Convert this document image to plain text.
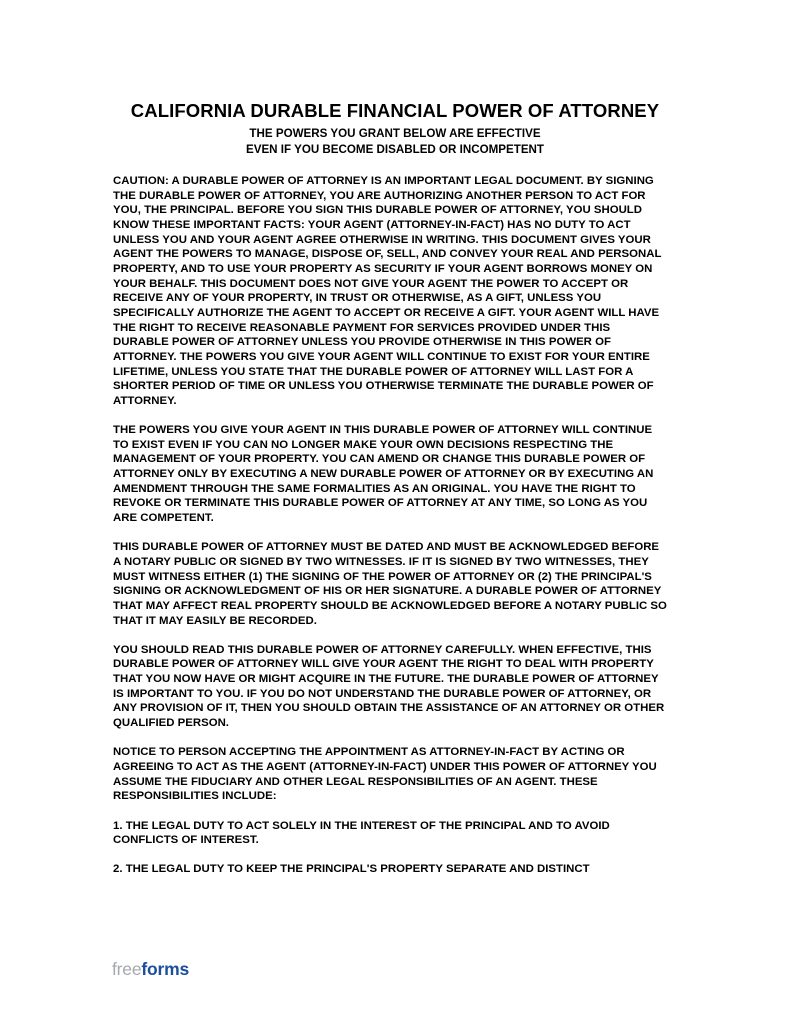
CALIFORNIA DURABLE FINANCIAL POWER OF ATTORNEY
THE POWERS YOU GRANT BELOW ARE EFFECTIVE
EVEN IF YOU BECOME DISABLED OR INCOMPETENT

CAUTION: A DURABLE POWER OF ATTORNEY IS AN IMPORTANT LEGAL DOCUMENT. BY SIGNING THE DURABLE POWER OF ATTORNEY, YOU ARE AUTHORIZING ANOTHER PERSON TO ACT FOR YOU, THE PRINCIPAL. BEFORE YOU SIGN THIS DURABLE POWER OF ATTORNEY, YOU SHOULD KNOW THESE IMPORTANT FACTS: YOUR AGENT (ATTORNEY-IN-FACT) HAS NO DUTY TO ACT UNLESS YOU AND YOUR AGENT AGREE OTHERWISE IN WRITING. THIS DOCUMENT GIVES YOUR AGENT THE POWERS TO MANAGE, DISPOSE OF, SELL, AND CONVEY YOUR REAL AND PERSONAL PROPERTY, AND TO USE YOUR PROPERTY AS SECURITY IF YOUR AGENT BORROWS MONEY ON YOUR BEHALF. THIS DOCUMENT DOES NOT GIVE YOUR AGENT THE POWER TO ACCEPT OR RECEIVE ANY OF YOUR PROPERTY, IN TRUST OR OTHERWISE, AS A GIFT, UNLESS YOU SPECIFICALLY AUTHORIZE THE AGENT TO ACCEPT OR RECEIVE A GIFT. YOUR AGENT WILL HAVE THE RIGHT TO RECEIVE REASONABLE PAYMENT FOR SERVICES PROVIDED UNDER THIS DURABLE POWER OF ATTORNEY UNLESS YOU PROVIDE OTHERWISE IN THIS POWER OF ATTORNEY. THE POWERS YOU GIVE YOUR AGENT WILL CONTINUE TO EXIST FOR YOUR ENTIRE LIFETIME, UNLESS YOU STATE THAT THE DURABLE POWER OF ATTORNEY WILL LAST FOR A SHORTER PERIOD OF TIME OR UNLESS YOU OTHERWISE TERMINATE THE DURABLE POWER OF ATTORNEY.

THE POWERS YOU GIVE YOUR AGENT IN THIS DURABLE POWER OF ATTORNEY WILL CONTINUE TO EXIST EVEN IF YOU CAN NO LONGER MAKE YOUR OWN DECISIONS RESPECTING THE MANAGEMENT OF YOUR PROPERTY. YOU CAN AMEND OR CHANGE THIS DURABLE POWER OF ATTORNEY ONLY BY EXECUTING A NEW DURABLE POWER OF ATTORNEY OR BY EXECUTING AN AMENDMENT THROUGH THE SAME FORMALITIES AS AN ORIGINAL. YOU HAVE THE RIGHT TO REVOKE OR TERMINATE THIS DURABLE POWER OF ATTORNEY AT ANY TIME, SO LONG AS YOU ARE COMPETENT.

THIS DURABLE POWER OF ATTORNEY MUST BE DATED AND MUST BE ACKNOWLEDGED BEFORE A NOTARY PUBLIC OR SIGNED BY TWO WITNESSES. IF IT IS SIGNED BY TWO WITNESSES, THEY MUST WITNESS EITHER (1) THE SIGNING OF THE POWER OF ATTORNEY OR (2) THE PRINCIPAL'S SIGNING OR ACKNOWLEDGMENT OF HIS OR HER SIGNATURE. A DURABLE POWER OF ATTORNEY THAT MAY AFFECT REAL PROPERTY SHOULD BE ACKNOWLEDGED BEFORE A NOTARY PUBLIC SO THAT IT MAY EASILY BE RECORDED.

YOU SHOULD READ THIS DURABLE POWER OF ATTORNEY CAREFULLY. WHEN EFFECTIVE, THIS DURABLE POWER OF ATTORNEY WILL GIVE YOUR AGENT THE RIGHT TO DEAL WITH PROPERTY THAT YOU NOW HAVE OR MIGHT ACQUIRE IN THE FUTURE. THE DURABLE POWER OF ATTORNEY IS IMPORTANT TO YOU. IF YOU DO NOT UNDERSTAND THE DURABLE POWER OF ATTORNEY, OR ANY PROVISION OF IT, THEN YOU SHOULD OBTAIN THE ASSISTANCE OF AN ATTORNEY OR OTHER QUALIFIED PERSON.

NOTICE TO PERSON ACCEPTING THE APPOINTMENT AS ATTORNEY-IN-FACT BY ACTING OR AGREEING TO ACT AS THE AGENT (ATTORNEY-IN-FACT) UNDER THIS POWER OF ATTORNEY YOU ASSUME THE FIDUCIARY AND OTHER LEGAL RESPONSIBILITIES OF AN AGENT. THESE RESPONSIBILITIES INCLUDE:

1. THE LEGAL DUTY TO ACT SOLELY IN THE INTEREST OF THE PRINCIPAL AND TO AVOID CONFLICTS OF INTEREST.

2. THE LEGAL DUTY TO KEEP THE PRINCIPAL'S PROPERTY SEPARATE AND DISTINCT

freeforms
